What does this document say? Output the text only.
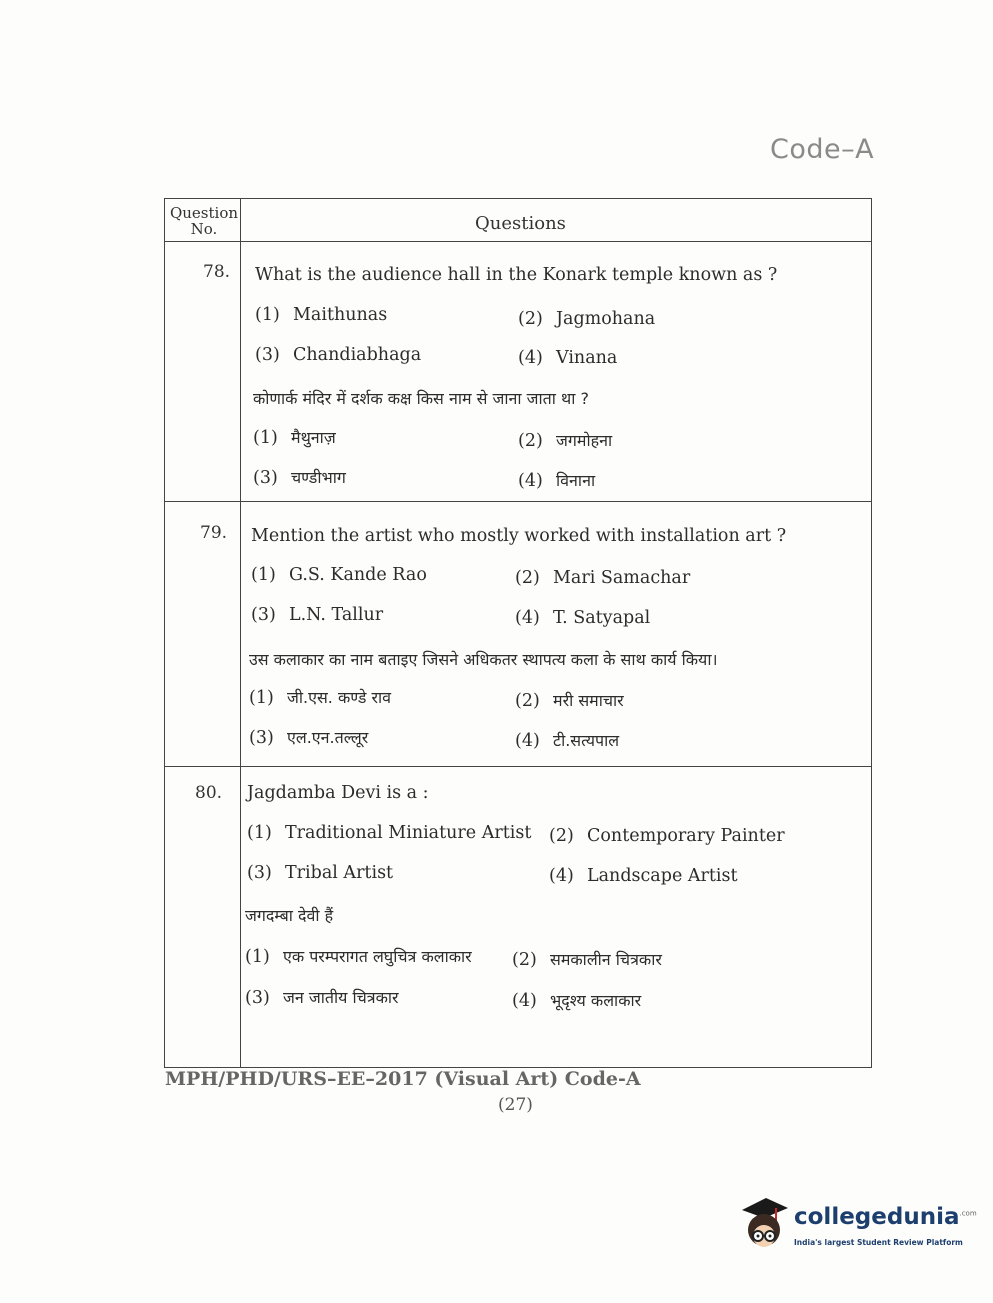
Code–A
Question No.	Questions
78. What is the audience hall in the Konark temple known as ?
(1) Maithunas	(2) Jagmohana
(3) Chandiabhaga	(4) Vinana
कोणार्क मंदिर में दर्शक कक्ष किस नाम से जाना जाता था ?
(1) मैथुनाज़	(2) जगमोहना
(3) चण्डीभाग	(4) विनाना
79. Mention the artist who mostly worked with installation art ?
(1) G.S. Kande Rao	(2) Mari Samachar
(3) L.N. Tallur	(4) T. Satyapal
उस कलाकार का नाम बताइए जिसने अधिकतर स्थापत्य कला के साथ कार्य किया।
(1) जी.एस. कण्डे राव	(2) मरी समाचार
(3) एल.एन.तल्लूर	(4) टी.सत्यपाल
80. Jagdamba Devi is a :
(1) Traditional Miniature Artist (2) Contemporary Painter
(3) Tribal Artist	(4) Landscape Artist
जगदम्बा देवी हैं
(1) एक परम्परागत लघुचित्र कलाकार (2) समकालीन चित्रकार
(3) जन जातीय चित्रकार	(4) भूदृश्य कलाकार
MPH/PHD/URS–EE–2017 (Visual Art) Code-A
(27)
collegedunia$^{.com}$
India's largest Student Review Platform
